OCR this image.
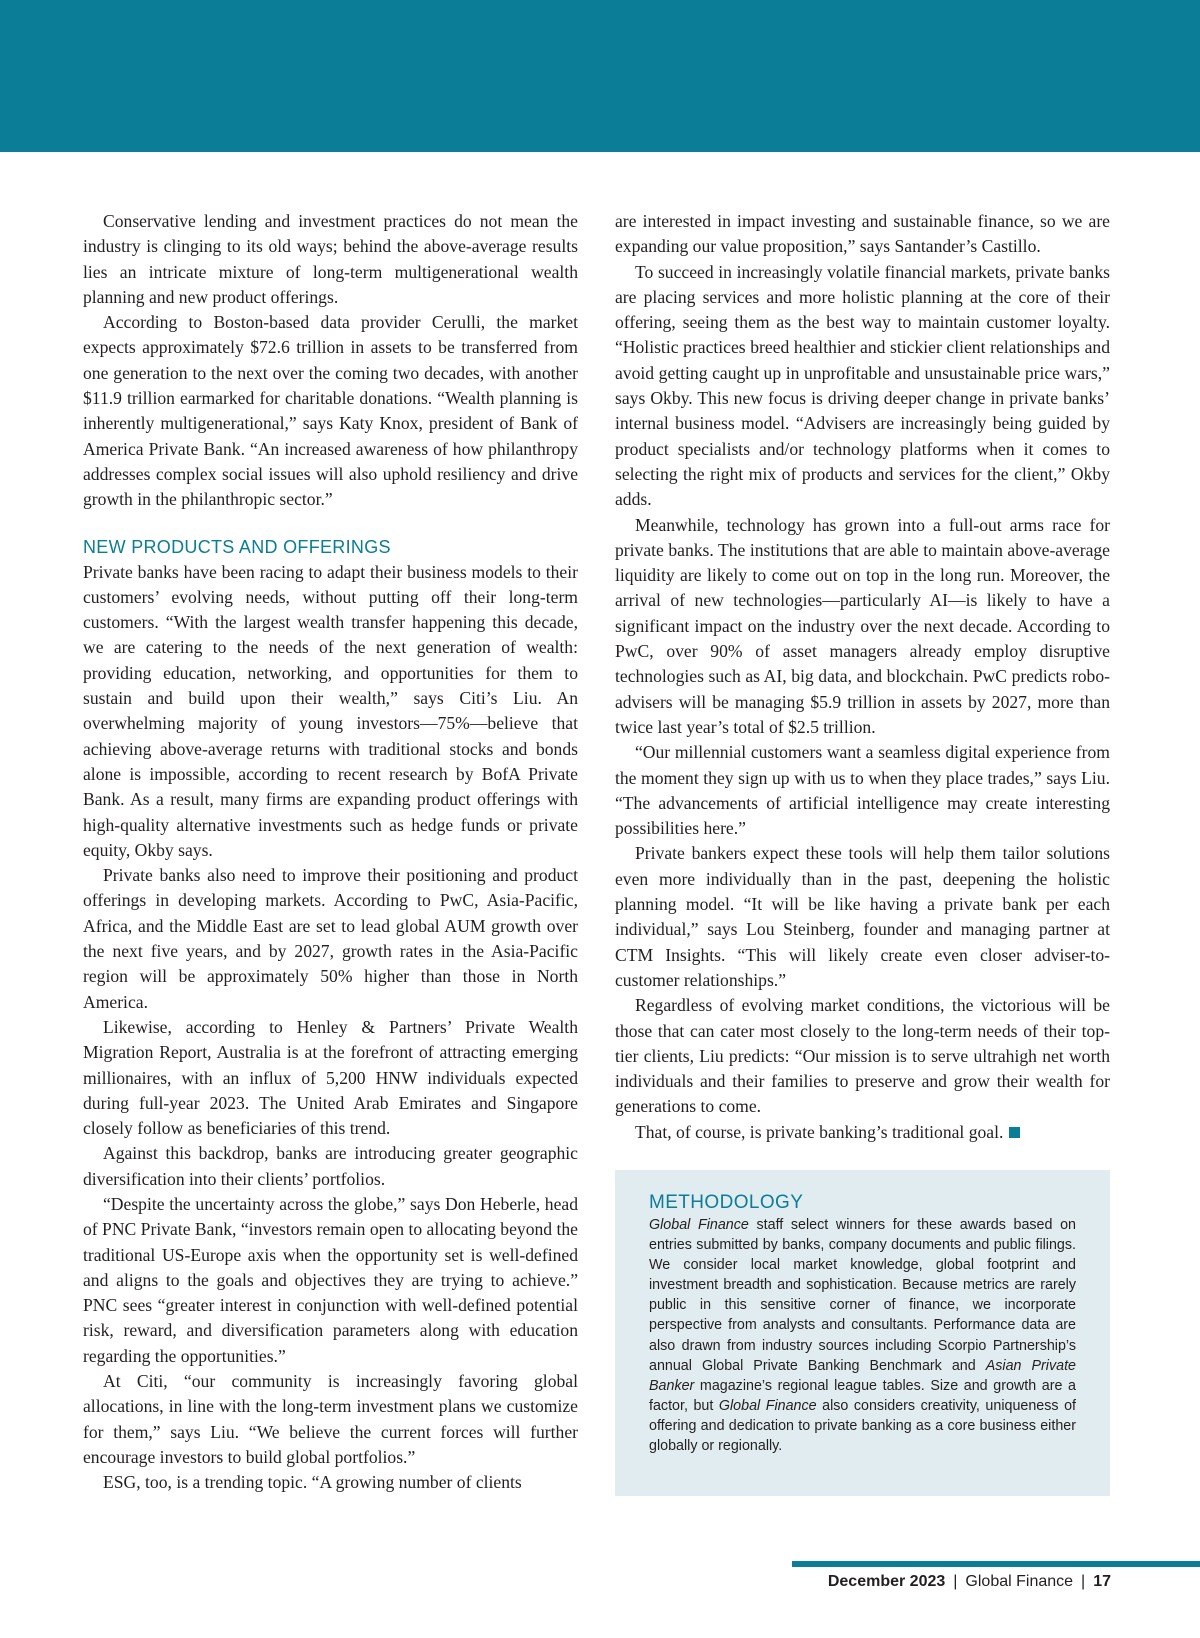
Conservative lending and investment practices do not mean the industry is clinging to its old ways; behind the above-average results lies an intricate mixture of long-term multigenerational wealth planning and new product offerings.

According to Boston-based data provider Cerulli, the market expects approximately $72.6 trillion in assets to be transferred from one generation to the next over the coming two decades, with another $11.9 trillion earmarked for charitable donations. “Wealth planning is inherently multigenerational,” says Katy Knox, president of Bank of America Private Bank. “An increased awareness of how philanthropy addresses complex social issues will also uphold resiliency and drive growth in the philanthropic sector.”

NEW PRODUCTS AND OFFERINGS

Private banks have been racing to adapt their business models to their customers’ evolving needs, without putting off their long-term customers. “With the largest wealth transfer happening this decade, we are catering to the needs of the next generation of wealth: providing education, networking, and opportunities for them to sustain and build upon their wealth,” says Citi’s Liu. An overwhelming majority of young investors—75%—believe that achieving above-average returns with traditional stocks and bonds alone is impossible, according to recent research by BofA Private Bank. As a result, many firms are expanding product offerings with high-quality alternative investments such as hedge funds or private equity, Okby says.

Private banks also need to improve their positioning and product offerings in developing markets. According to PwC, Asia-Pacific, Africa, and the Middle East are set to lead global AUM growth over the next five years, and by 2027, growth rates in the Asia-Pacific region will be approximately 50% higher than those in North America.

Likewise, according to Henley & Partners’ Private Wealth Migration Report, Australia is at the forefront of attracting emerging millionaires, with an influx of 5,200 HNW individuals expected during full-year 2023. The United Arab Emirates and Singapore closely follow as beneficiaries of this trend.

Against this backdrop, banks are introducing greater geographic diversification into their clients’ portfolios.

“Despite the uncertainty across the globe,” says Don Heberle, head of PNC Private Bank, “investors remain open to allocating beyond the traditional US-Europe axis when the opportunity set is well-defined and aligns to the goals and objectives they are trying to achieve.” PNC sees “greater interest in conjunction with well-defined potential risk, reward, and diversification parameters along with education regarding the opportunities.”

At Citi, “our community is increasingly favoring global allocations, in line with the long-term investment plans we customize for them,” says Liu. “We believe the current forces will further encourage investors to build global portfolios.”

ESG, too, is a trending topic. “A growing number of clients

are interested in impact investing and sustainable finance, so we are expanding our value proposition,” says Santander’s Castillo.

To succeed in increasingly volatile financial markets, private banks are placing services and more holistic planning at the core of their offering, seeing them as the best way to maintain customer loyalty. “Holistic practices breed healthier and stickier client relationships and avoid getting caught up in unprofitable and unsustainable price wars,” says Okby. This new focus is driving deeper change in private banks’ internal business model. “Advisers are increasingly being guided by product specialists and/or technology platforms when it comes to selecting the right mix of products and services for the client,” Okby adds.

Meanwhile, technology has grown into a full-out arms race for private banks. The institutions that are able to maintain above-average liquidity are likely to come out on top in the long run. Moreover, the arrival of new technologies—particularly AI—is likely to have a significant impact on the industry over the next decade. According to PwC, over 90% of asset managers already employ disruptive technologies such as AI, big data, and blockchain. PwC predicts robo-advisers will be managing $5.9 trillion in assets by 2027, more than twice last year’s total of $2.5 trillion.

“Our millennial customers want a seamless digital experience from the moment they sign up with us to when they place trades,” says Liu. “The advancements of artificial intelligence may create interesting possibilities here.”

Private bankers expect these tools will help them tailor solutions even more individually than in the past, deepening the holistic planning model. “It will be like having a private bank per each individual,” says Lou Steinberg, founder and managing partner at CTM Insights. “This will likely create even closer adviser-to-customer relationships.”

Regardless of evolving market conditions, the victorious will be those that can cater most closely to the long-term needs of their top-tier clients, Liu predicts: “Our mission is to serve ultrahigh net worth individuals and their families to preserve and grow their wealth for generations to come.

That, of course, is private banking’s traditional goal.

METHODOLOGY
Global Finance staff select winners for these awards based on entries submitted by banks, company documents and public filings. We consider local market knowledge, global footprint and investment breadth and sophistication. Because metrics are rarely public in this sensitive corner of finance, we incorporate perspective from analysts and consultants. Performance data are also drawn from industry sources including Scorpio Partnership’s annual Global Private Banking Benchmark and Asian Private Banker magazine’s regional league tables. Size and growth are a factor, but Global Finance also considers creativity, uniqueness of offering and dedication to private banking as a core business either globally or regionally.
December 2023 | Global Finance | 17
